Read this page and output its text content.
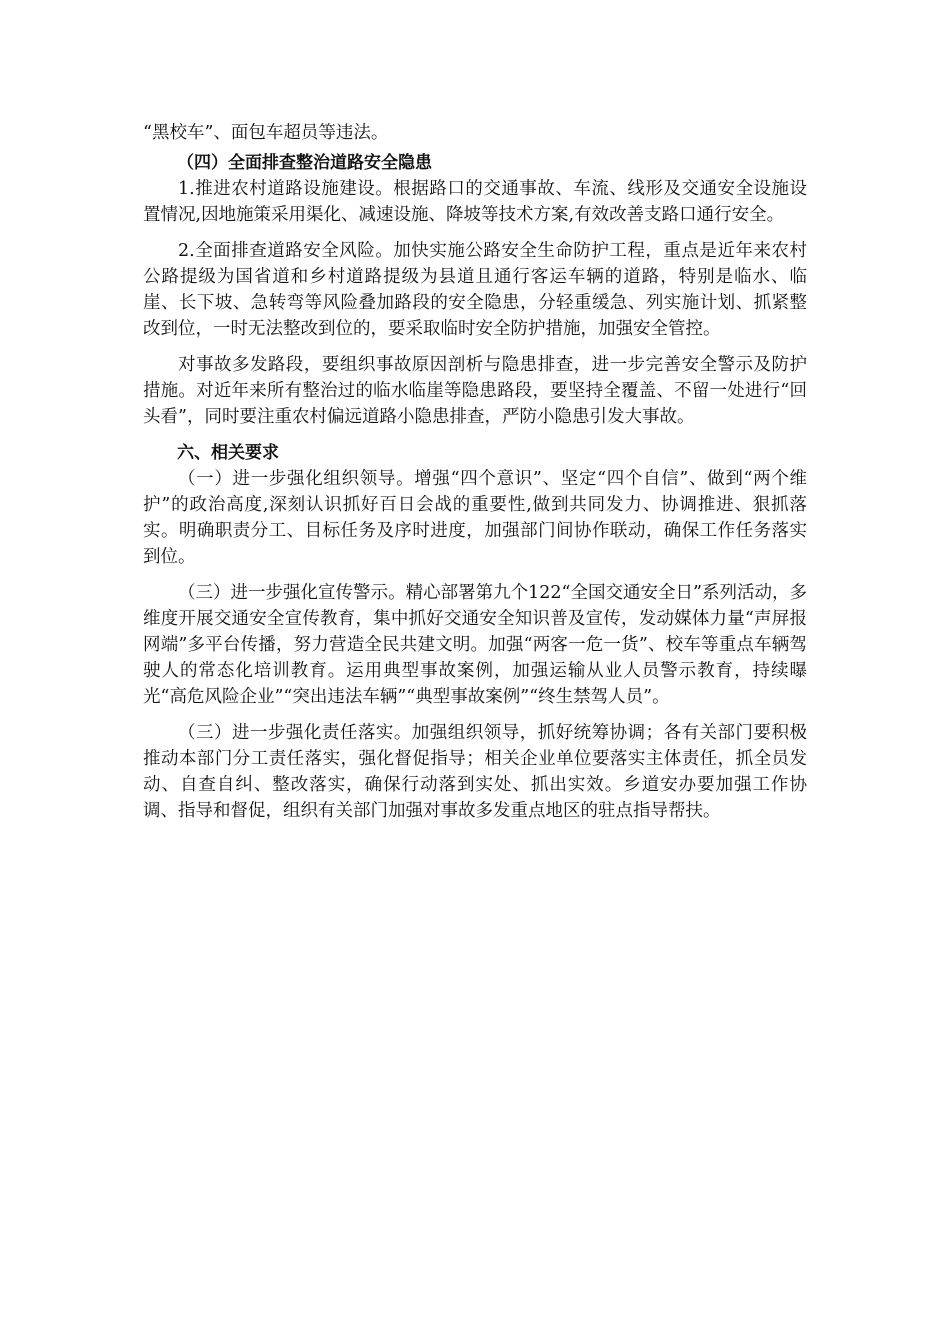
“黑校车”、面包车超员等违法。

（四）全面排查整治道路安全隐患

1.推进农村道路设施建设。根据路口的交通事故、车流、线形及交通安全设施设置情况,因地施策采用渠化、减速设施、降坡等技术方案,有效改善支路口通行安全。

2.全面排查道路安全风险。加快实施公路安全生命防护工程，重点是近年来农村公路提级为国省道和乡村道路提级为县道且通行客运车辆的道路，特别是临水、临崖、长下坡、急转弯等风险叠加路段的安全隐患，分轻重缓急、列实施计划、抓紧整改到位，一时无法整改到位的，要采取临时安全防护措施，加强安全管控。

对事故多发路段，要组织事故原因剖析与隐患排查，进一步完善安全警示及防护措施。对近年来所有整治过的临水临崖等隐患路段，要坚持全覆盖、不留一处进行“回头看”，同时要注重农村偏远道路小隐患排查，严防小隐患引发大事故。

六、相关要求

（一）进一步强化组织领导。增强“四个意识”、坚定“四个自信”、做到“两个维护”的政治高度,深刻认识抓好百日会战的重要性,做到共同发力、协调推进、狠抓落实。明确职责分工、目标任务及序时进度，加强部门间协作联动，确保工作任务落实到位。

（三）进一步强化宣传警示。精心部署第九个122“全国交通安全日”系列活动，多维度开展交通安全宣传教育，集中抓好交通安全知识普及宣传，发动媒体力量“声屏报网端”多平台传播，努力营造全民共建文明。加强“两客一危一货”、校车等重点车辆驾驶人的常态化培训教育。运用典型事故案例，加强运输从业人员警示教育，持续曝光“高危风险企业”“突出违法车辆”“典型事故案例”“终生禁驾人员”。

（三）进一步强化责任落实。加强组织领导，抓好统筹协调；各有关部门要积极推动本部门分工责任落实，强化督促指导；相关企业单位要落实主体责任，抓全员发动、自查自纠、整改落实，确保行动落到实处、抓出实效。乡道安办要加强工作协调、指导和督促，组织有关部门加强对事故多发重点地区的驻点指导帮扶。
